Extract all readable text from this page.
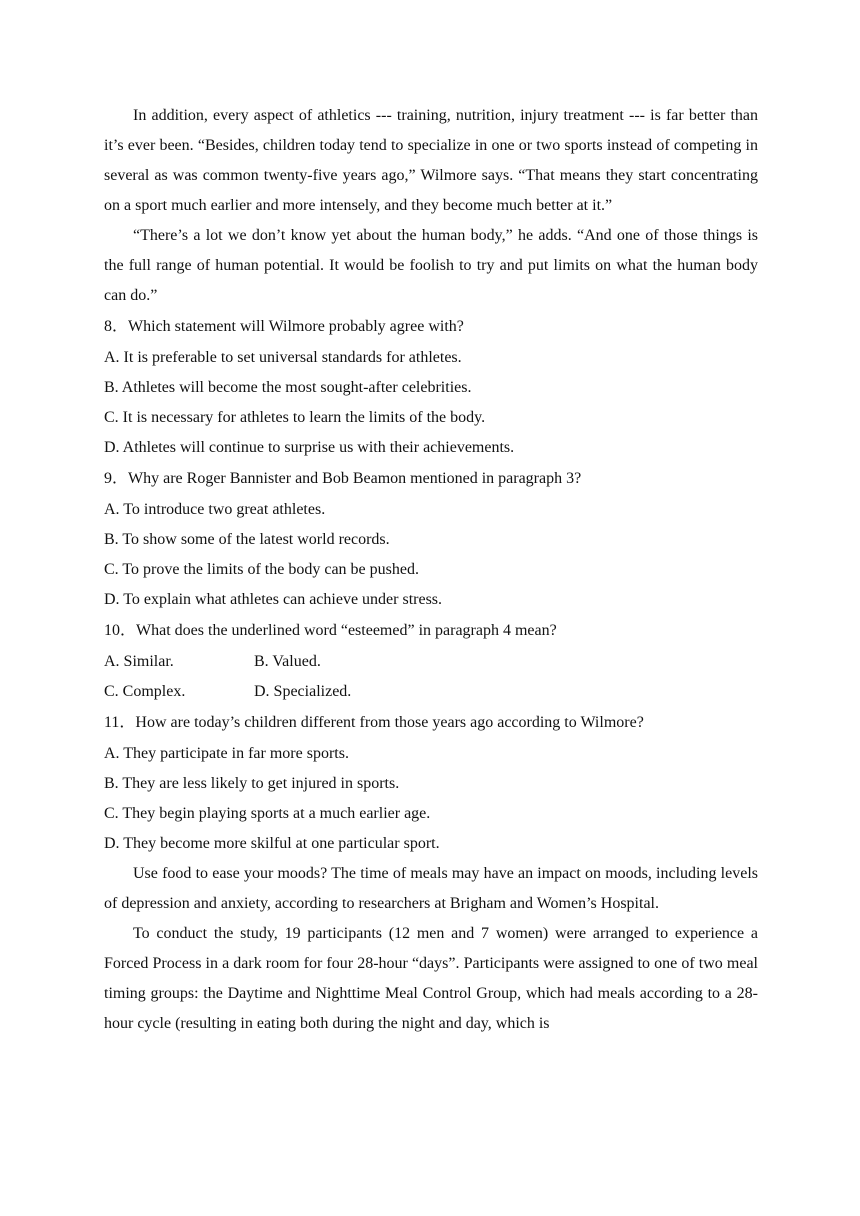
In addition, every aspect of athletics --- training, nutrition, injury treatment --- is far better than it’s ever been. “Besides, children today tend to specialize in one or two sports instead of competing in several as was common twenty-five years ago,” Wilmore says. “That means they start concentrating on a sport much earlier and more intensely, and they become much better at it.”

“There’s a lot we don’t know yet about the human body,” he adds. “And one of those things is the full range of human potential. It would be foolish to try and put limits on what the human body can do.”

8．Which statement will Wilmore probably agree with?

A. It is preferable to set universal standards for athletes.

B. Athletes will become the most sought-after celebrities.

C. It is necessary for athletes to learn the limits of the body.

D. Athletes will continue to surprise us with their achievements.

9．Why are Roger Bannister and Bob Beamon mentioned in paragraph 3?

A. To introduce two great athletes.

B. To show some of the latest world records.

C. To prove the limits of the body can be pushed.

D. To explain what athletes can achieve under stress.

10．What does the underlined word “esteemed” in paragraph 4 mean?

A. Similar.	B. Valued.

C. Complex.	D. Specialized.

11．How are today’s children different from those years ago according to Wilmore?

A. They participate in far more sports.

B. They are less likely to get injured in sports.

C. They begin playing sports at a much earlier age.

D. They become more skilful at one particular sport.

Use food to ease your moods? The time of meals may have an impact on moods, including levels of depression and anxiety, according to researchers at Brigham and Women’s Hospital.

To conduct the study, 19 participants (12 men and 7 women) were arranged to experience a Forced Process in a dark room for four 28-hour “days”. Participants were assigned to one of two meal timing groups: the Daytime and Nighttime Meal Control Group, which had meals according to a 28-hour cycle (resulting in eating both during the night and day, which is
